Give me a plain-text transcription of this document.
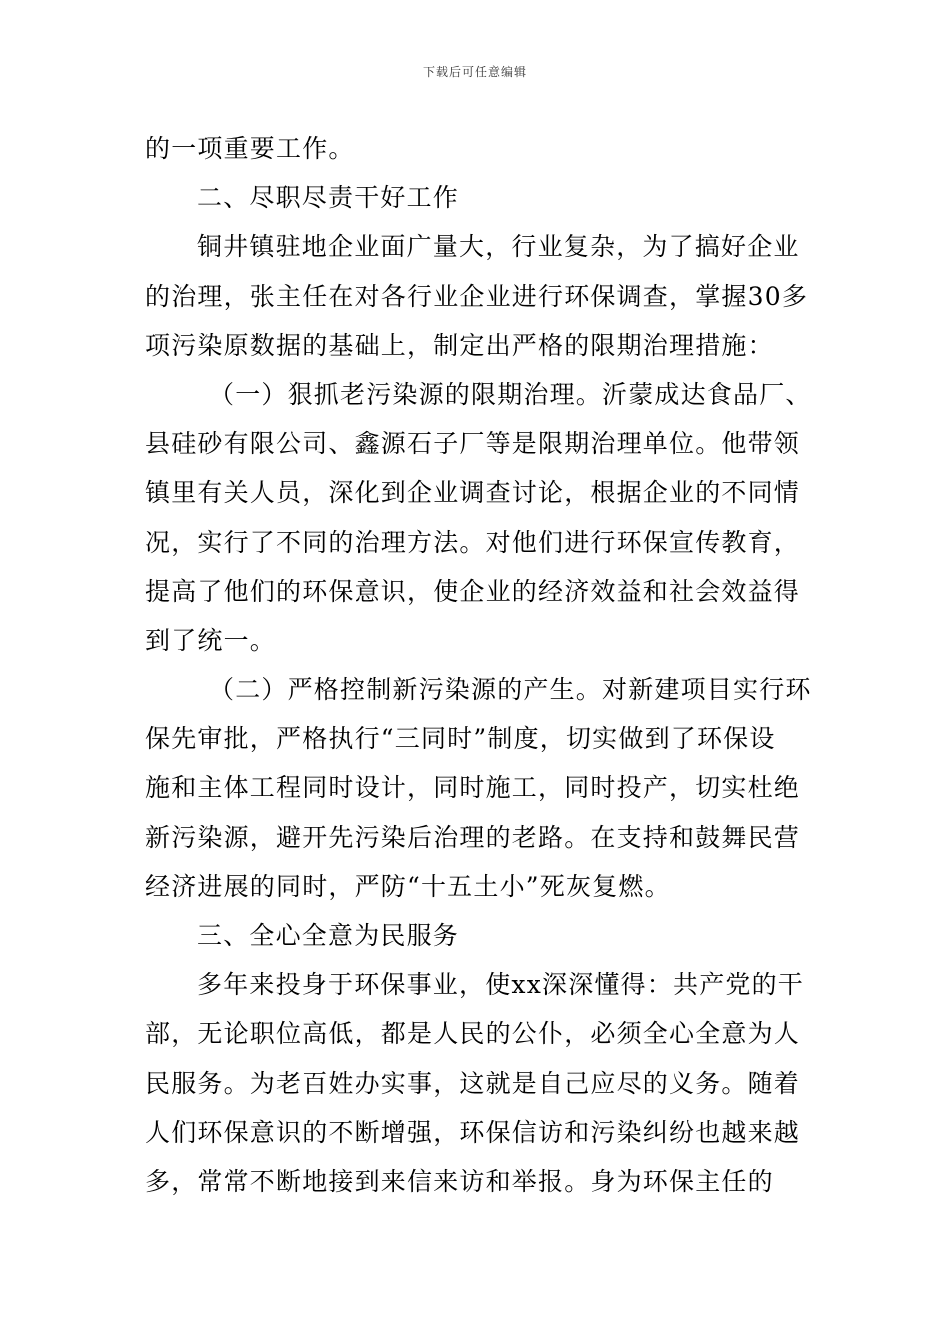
下载后可任意编辑
的一项重要工作。
二、尽职尽责干好工作
铜井镇驻地企业面广量大，行业复杂，为了搞好企业
的治理，张主任在对各行业企业进行环保调查，掌握30多
项污染原数据的基础上，制定出严格的限期治理措施：
（一）狠抓老污染源的限期治理。沂蒙成达食品厂、
县硅砂有限公司、鑫源石子厂等是限期治理单位。他带领
镇里有关人员，深化到企业调查讨论，根据企业的不同情
况，实行了不同的治理方法。对他们进行环保宣传教育，
提高了他们的环保意识，使企业的经济效益和社会效益得
到了统一。
（二）严格控制新污染源的产生。对新建项目实行环
保先审批，严格执行“三同时”制度，切实做到了环保设
施和主体工程同时设计，同时施工，同时投产，切实杜绝
新污染源，避开先污染后治理的老路。在支持和鼓舞民营
经济进展的同时，严防“十五土小”死灰复燃。
三、全心全意为民服务
多年来投身于环保事业，使xx深深懂得：共产党的干
部，无论职位高低，都是人民的公仆，必须全心全意为人
民服务。为老百姓办实事，这就是自己应尽的义务。随着
人们环保意识的不断增强，环保信访和污染纠纷也越来越
多，常常不断地接到来信来访和举报。身为环保主任的
